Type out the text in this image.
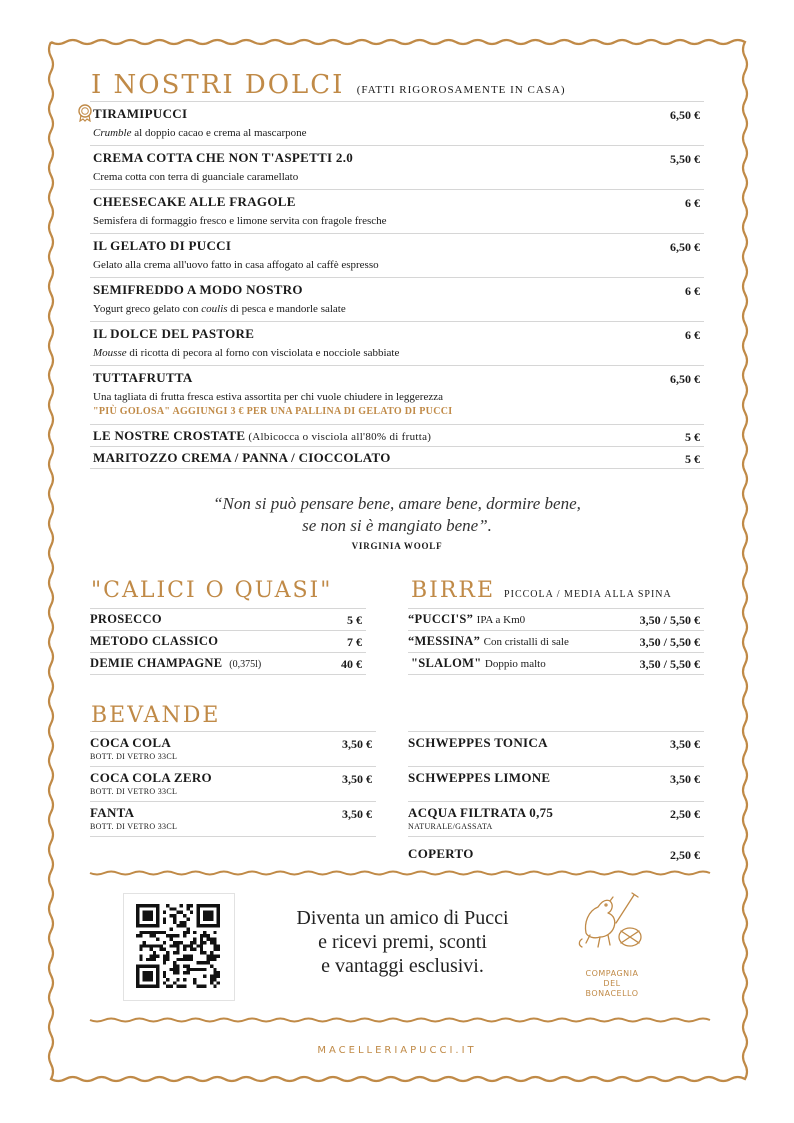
I NOSTRI DOLCI (FATTI RIGOROSAMENTE IN CASA)
TIRAMIPUCCI	6,50 €
Crumble al doppio cacao e crema al mascarpone
CREMA COTTA CHE NON T'ASPETTI 2.0	5,50 €
Crema cotta con terra di guanciale caramellato
CHEESECAKE ALLE FRAGOLE	6 €
Semisfera di formaggio fresco e limone servita con fragole fresche
IL GELATO DI PUCCI	6,50 €
Gelato alla crema all'uovo fatto in casa affogato al caffè espresso
SEMIFREDDO A MODO NOSTRO	6 €
Yogurt greco gelato con coulis di pesca e mandorle salate
IL DOLCE DEL PASTORE	6 €
Mousse di ricotta di pecora al forno con visciolata e nocciole sabbiate
TUTTAFRUTTA	6,50 €
Una tagliata di frutta fresca estiva assortita per chi vuole chiudere in leggerezza
"PIÙ GOLOSA" AGGIUNGI 3 € PER UNA PALLINA DI GELATO DI PUCCI
LE NOSTRE CROSTATE (Albicocca o visciola all'80% di frutta)	5 €
MARITOZZO CREMA / PANNA / CIOCCOLATO	5 €
“Non si può pensare bene, amare bene, dormire bene,
se non si è mangiato bene”.
VIRGINIA WOOLF
"CALICI O QUASI"
PROSECCO	5 €
METODO CLASSICO	7 €
DEMIE CHAMPAGNE (0,375l)	40 €
BIRRE PICCOLA / MEDIA ALLA SPINA
“PUCCI'S” IPA a Km0	3,50 / 5,50 €
“MESSINA” Con cristalli di sale	3,50 / 5,50 €
"SLALOM" Doppio malto	3,50 / 5,50 €
BEVANDE
COCA COLA
BOTT. DI VETRO 33CL
3,50 €
COCA COLA ZERO
BOTT. DI VETRO 33CL
3,50 €
FANTA
BOTT. DI VETRO 33CL
3,50 €
SCHWEPPES TONICA	3,50 €
SCHWEPPES LIMONE	3,50 €
ACQUA FILTRATA 0,75
NATURALE/GASSATA
2,50 €
COPERTO	2,50 €
Diventa un amico di Pucci
e ricevi premi, sconti
e vantaggi esclusivi.	COMPAGNIA
DEL
BONACELLO
MACELLERIAPUCCI.IT
